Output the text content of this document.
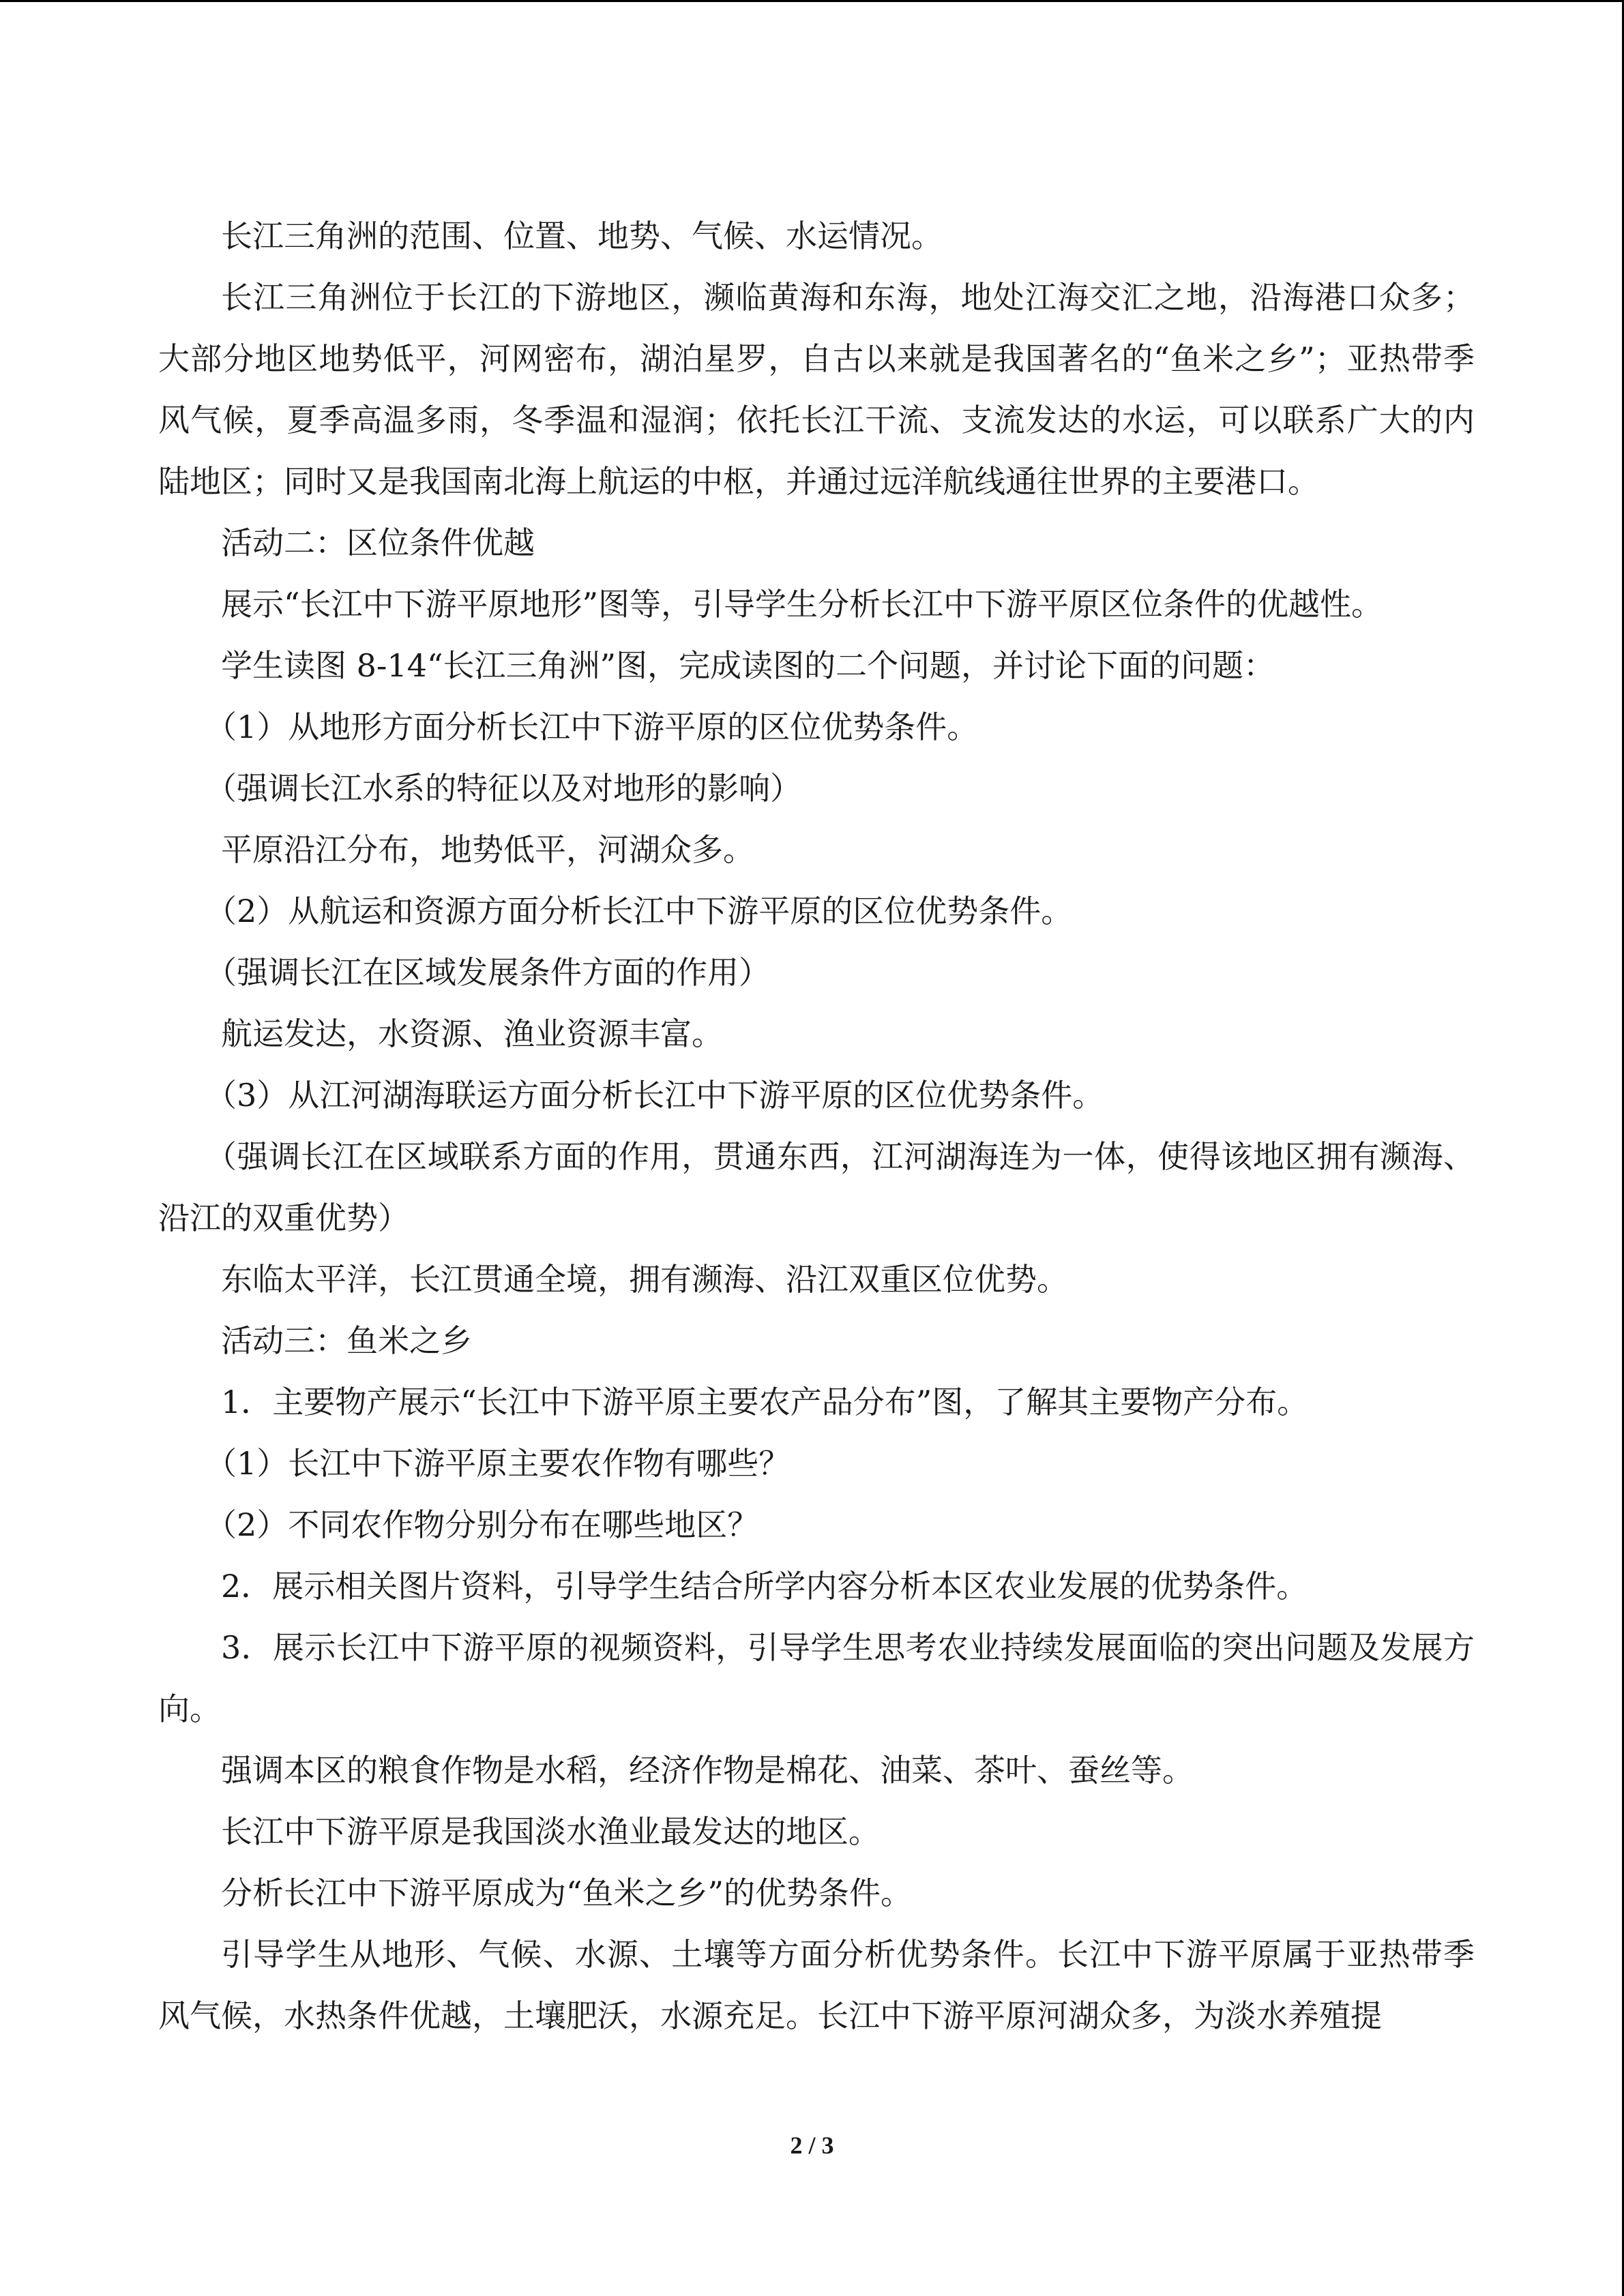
长江三角洲的范围、位置、地势、气候、水运情况。

长江三角洲位于长江的下游地区，濒临黄海和东海，地处江海交汇之地，沿海港口众多；大部分地区地势低平，河网密布，湖泊星罗，自古以来就是我国著名的“鱼米之乡”；亚热带季风气候，夏季高温多雨，冬季温和湿润；依托长江干流、支流发达的水运，可以联系广大的内陆地区；同时又是我国南北海上航运的中枢，并通过远洋航线通往世界的主要港口。

活动二：区位条件优越

展示“长江中下游平原地形”图等，引导学生分析长江中下游平原区位条件的优越性。

学生读图 8-14“长江三角洲”图，完成读图的二个问题，并讨论下面的问题：

（1）从地形方面分析长江中下游平原的区位优势条件。

（强调长江水系的特征以及对地形的影响）

平原沿江分布，地势低平，河湖众多。

（2）从航运和资源方面分析长江中下游平原的区位优势条件。

（强调长江在区域发展条件方面的作用）

航运发达，水资源、渔业资源丰富。

（3）从江河湖海联运方面分析长江中下游平原的区位优势条件。

（强调长江在区域联系方面的作用，贯通东西，江河湖海连为一体，使得该地区拥有濒海、沿江的双重优势）

东临太平洋，长江贯通全境，拥有濒海、沿江双重区位优势。

活动三：鱼米之乡

1．主要物产展示“长江中下游平原主要农产品分布”图，了解其主要物产分布。

（1）长江中下游平原主要农作物有哪些？

（2）不同农作物分别分布在哪些地区？

2．展示相关图片资料，引导学生结合所学内容分析本区农业发展的优势条件。

3．展示长江中下游平原的视频资料，引导学生思考农业持续发展面临的突出问题及发展方向。

强调本区的粮食作物是水稻，经济作物是棉花、油菜、茶叶、蚕丝等。

长江中下游平原是我国淡水渔业最发达的地区。

分析长江中下游平原成为“鱼米之乡”的优势条件。

引导学生从地形、气候、水源、土壤等方面分析优势条件。长江中下游平原属于亚热带季风气候，水热条件优越，土壤肥沃，水源充足。长江中下游平原河湖众多，为淡水养殖提

2 / 3
